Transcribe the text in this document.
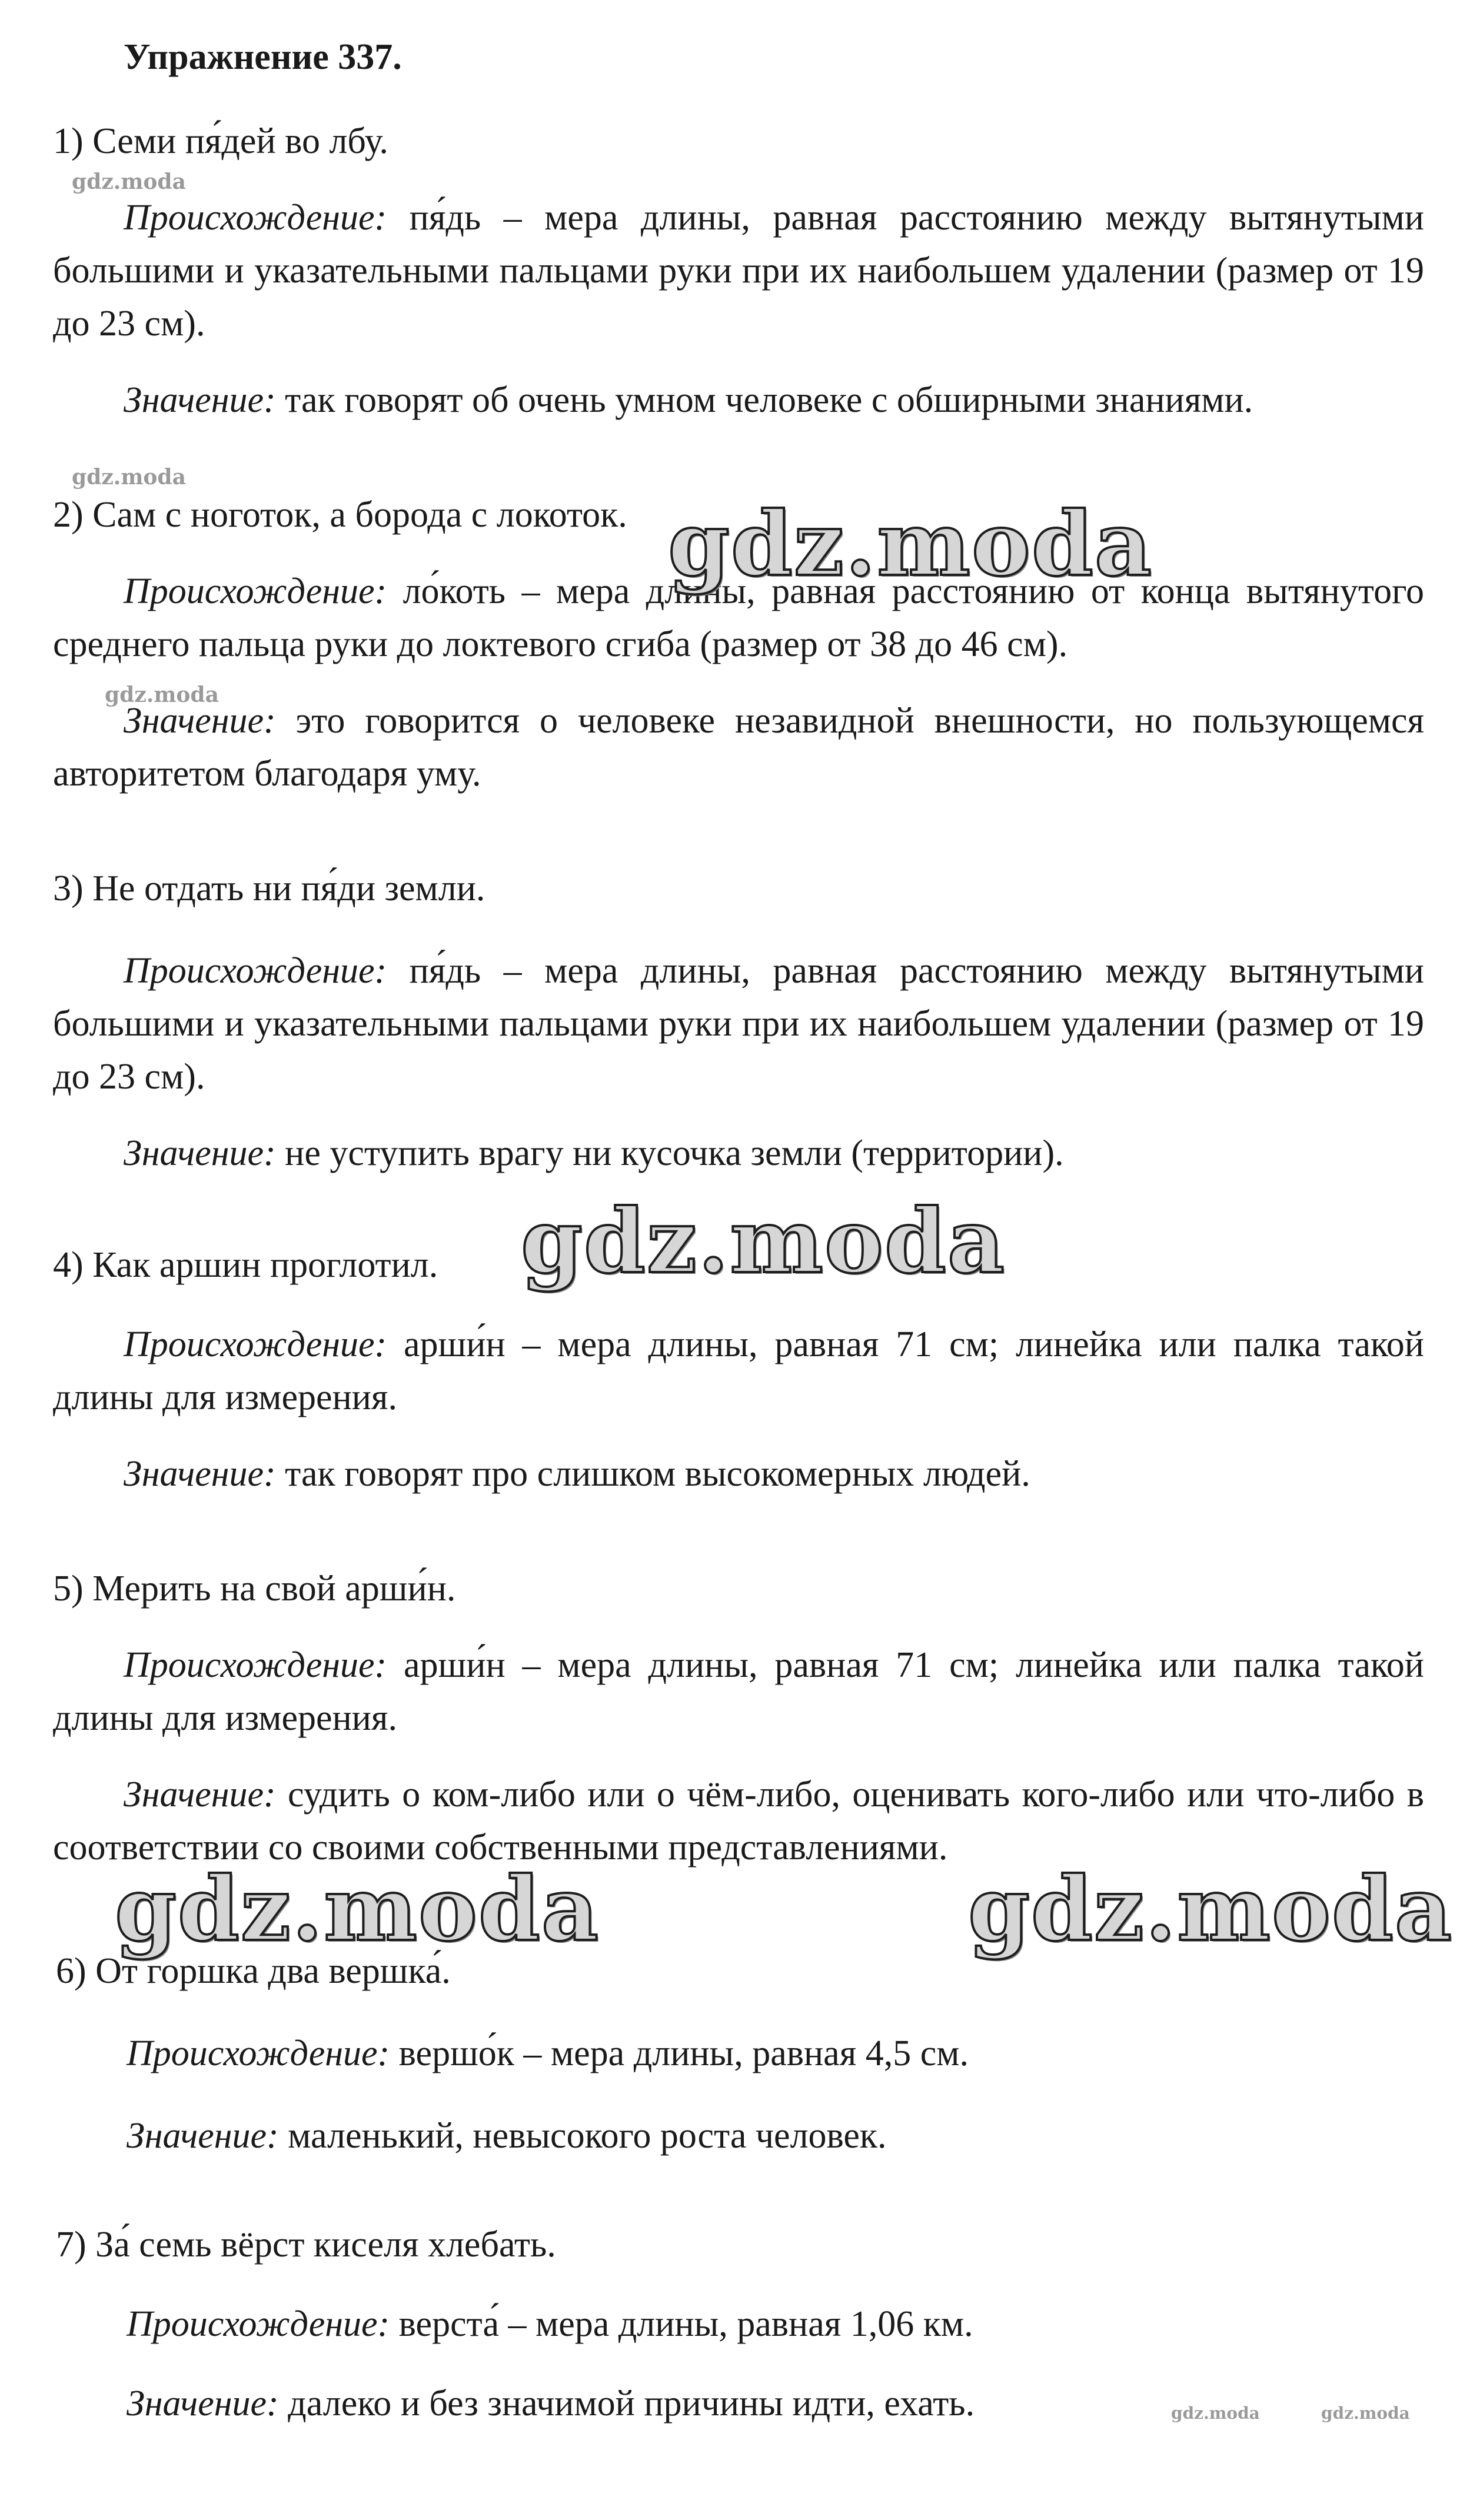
Упражнение 337.
1) Семи пя́дей во лбу.
Происхождение: пя́дь – мера длины, равная расстоянию между вытянутыми большими и указательными пальцами руки при их наибольшем удалении (размер от 19 до 23 см).
Значение: так говорят об очень умном человеке с обширными знаниями.
2) Сам с ноготок, а борода с локоток.
Происхождение: ло́коть – мера длины, равная расстоянию от конца вытянутого среднего пальца руки до локтевого сгиба (размер от 38 до 46 см).
Значение: это говорится о человеке незавидной внешности, но пользующемся авторитетом благодаря уму.
3) Не отдать ни пя́ди земли.
Происхождение: пя́дь – мера длины, равная расстоянию между вытянутыми большими и указательными пальцами руки при их наибольшем удалении (размер от 19 до 23 см).
Значение: не уступить врагу ни кусочка земли (территории).
4) Как аршин проглотил.
Происхождение: арши́н – мера длины, равная 71 см; линейка или палка такой длины для измерения.
Значение: так говорят про слишком высокомерных людей.
5) Мерить на свой арши́н.
Происхождение: арши́н – мера длины, равная 71 см; линейка или палка такой длины для измерения.
Значение: судить о ком-либо или о чём-либо, оценивать кого-либо или что-либо в соответствии со своими собственными представлениями.
6) От горшка два вершка́.
Происхождение: вершо́к – мера длины, равная 4,5 см.
Значение: маленький, невысокого роста человек.
7) За́ семь вёрст киселя хлебать.
Происхождение: верста́ – мера длины, равная 1,06 км.
Значение: далеко и без значимой причины идти, ехать.
gdz.moda
gdz.moda
gdz.moda
gdz.moda	gdz.moda
gdz.moda
gdz.moda
gdz.moda	gdz.moda
